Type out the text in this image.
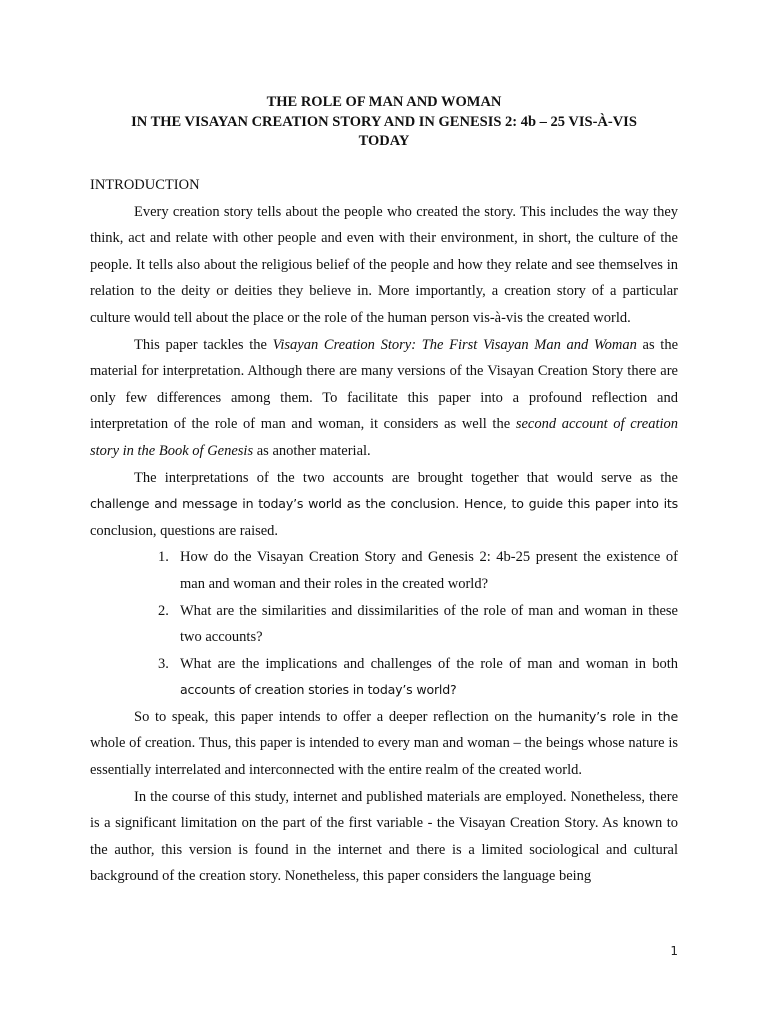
THE ROLE OF MAN AND WOMAN
IN THE VISAYAN CREATION STORY AND IN GENESIS 2: 4b – 25 VIS-À-VIS
TODAY
INTRODUCTION

Every creation story tells about the people who created the story. This includes the way they think, act and relate with other people and even with their environment, in short, the culture of the people. It tells also about the religious belief of the people and how they relate and see themselves in relation to the deity or deities they believe in. More importantly, a creation story of a particular culture would tell about the place or the role of the human person vis-à-vis the created world.

This paper tackles the Visayan Creation Story: The First Visayan Man and Woman as the material for interpretation. Although there are many versions of the Visayan Creation Story there are only few differences among them. To facilitate this paper into a profound reflection and interpretation of the role of man and woman, it considers as well the second account of creation story in the Book of Genesis as another material.

The interpretations of the two accounts are brought together that would serve as the challenge and message in today’s world as the conclusion. Hence, to guide this paper into its conclusion, questions are raised.

1. How do the Visayan Creation Story and Genesis 2: 4b-25 present the existence of man and woman and their roles in the created world?
2. What are the similarities and dissimilarities of the role of man and woman in these two accounts?
3. What are the implications and challenges of the role of man and woman in both accounts of creation stories in today’s world?

So to speak, this paper intends to offer a deeper reflection on the humanity’s role in the whole of creation. Thus, this paper is intended to every man and woman – the beings whose nature is essentially interrelated and interconnected with the entire realm of the created world.

In the course of this study, internet and published materials are employed. Nonetheless, there is a significant limitation on the part of the first variable - the Visayan Creation Story. As known to the author, this version is found in the internet and there is a limited sociological and cultural background of the creation story. Nonetheless, this paper considers the language being

1
